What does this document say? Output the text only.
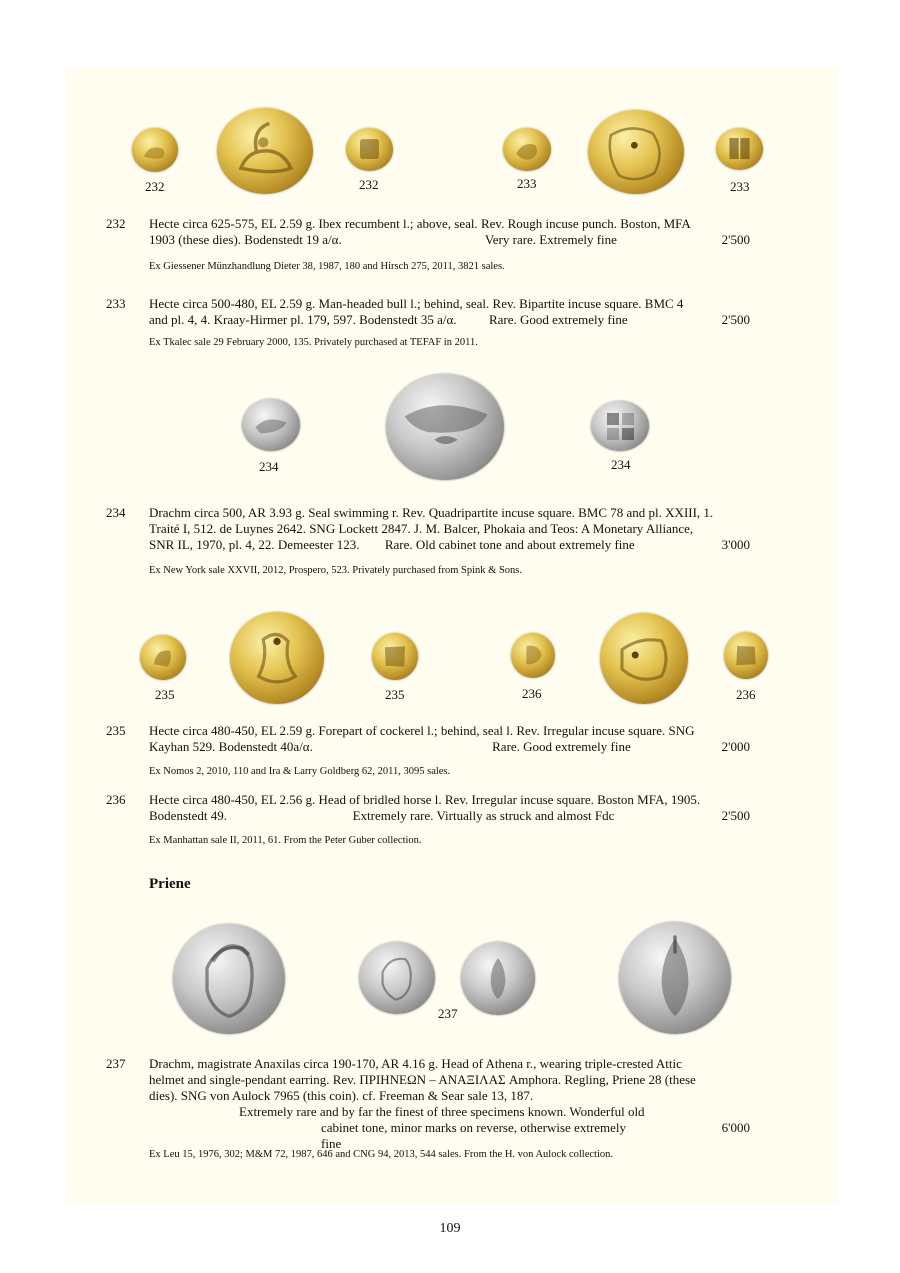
232	232	233	233
232 Hecte circa 625-575, EL 2.59 g. Ibex recumbent l.; above, seal. Rev. Rough incuse punch. Boston, MFA
1903 (these dies). Bodenstedt 19 a/α.	Very rare. Extremely fine	2'500
Ex Giessener Münzhandlung Dieter 38, 1987, 180 and Hirsch 275, 2011, 3821 sales.
233 Hecte circa 500-480, EL 2.59 g. Man-headed bull l.; behind, seal. Rev. Bipartite incuse square. BMC 4
and pl. 4, 4. Kraay-Hirmer pl. 179, 597. Bodenstedt 35 a/α.	Rare. Good extremely fine	2'500
Ex Tkalec sale 29 February 2000, 135. Privately purchased at TEFAF in 2011.
234	234
234 Drachm circa 500, AR 3.93 g. Seal swimming r. Rev. Quadripartite incuse square. BMC 78 and pl. XXIII, 1.
Traité I, 512. de Luynes 2642. SNG Lockett 2847. J. M. Balcer, Phokaia and Teos: A Monetary Alliance,
SNR IL, 1970, pl. 4, 22. Demeester 123.	Rare. Old cabinet tone and about extremely fine	3'000
Ex New York sale XXVII, 2012, Prospero, 523. Privately purchased from Spink & Sons.
235	235	236	236
235 Hecte circa 480-450, EL 2.59 g. Forepart of cockerel l.; behind, seal l. Rev. Irregular incuse square. SNG
Kayhan 529. Bodenstedt 40a/α.	Rare. Good extremely fine	2'000
Ex Nomos 2, 2010, 110 and Ira & Larry Goldberg 62, 2011, 3095 sales.
236 Hecte circa 480-450, EL 2.56 g. Head of bridled horse l. Rev. Irregular incuse square. Boston MFA, 1905.
Bodenstedt 49.	Extremely rare. Virtually as struck and almost Fdc	2'500
Ex Manhattan sale II, 2011, 61. From the Peter Guber collection.
Priene
237
237 Drachm, magistrate Anaxilas circa 190-170, AR 4.16 g. Head of Athena r., wearing triple-crested Attic
helmet and single-pendant earring. Rev. ΠΡΙΗΝΕΩΝ – ΑΝΑΞΙΛΑΣ Amphora. Regling, Priene 28 (these
dies). SNG von Aulock 7965 (this coin). cf. Freeman & Sear sale 13, 187.
Extremely rare and by far the finest of three specimens known. Wonderful old
cabinet tone, minor marks on reverse, otherwise extremely fine
6'000
Ex Leu 15, 1976, 302; M&M 72, 1987, 646 and CNG 94, 2013, 544 sales. From the H. von Aulock collection.
109
